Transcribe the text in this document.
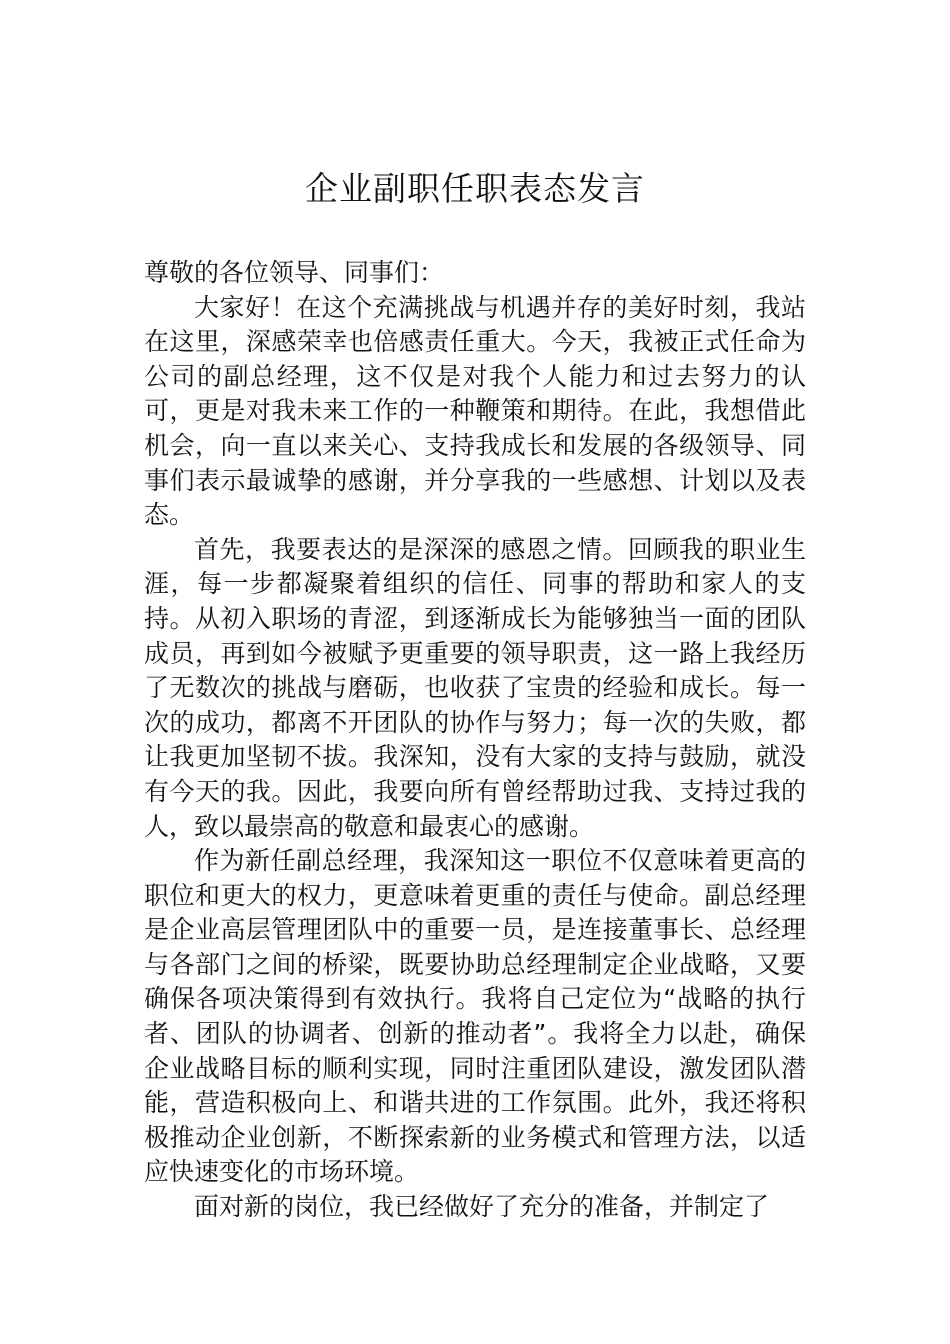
企业副职任职表态发言

尊敬的各位领导、同事们：

大家好！在这个充满挑战与机遇并存的美好时刻，我站在这里，深感荣幸也倍感责任重大。今天，我被正式任命为公司的副总经理，这不仅是对我个人能力和过去努力的认可，更是对我未来工作的一种鞭策和期待。在此，我想借此机会，向一直以来关心、支持我成长和发展的各级领导、同事们表示最诚挚的感谢，并分享我的一些感想、计划以及表态。

首先，我要表达的是深深的感恩之情。回顾我的职业生涯，每一步都凝聚着组织的信任、同事的帮助和家人的支持。从初入职场的青涩，到逐渐成长为能够独当一面的团队成员，再到如今被赋予更重要的领导职责，这一路上我经历了无数次的挑战与磨砺，也收获了宝贵的经验和成长。每一次的成功，都离不开团队的协作与努力；每一次的失败，都让我更加坚韧不拔。我深知，没有大家的支持与鼓励，就没有今天的我。因此，我要向所有曾经帮助过我、支持过我的人，致以最崇高的敬意和最衷心的感谢。

作为新任副总经理，我深知这一职位不仅意味着更高的职位和更大的权力，更意味着更重的责任与使命。副总经理是企业高层管理团队中的重要一员，是连接董事长、总经理与各部门之间的桥梁，既要协助总经理制定企业战略，又要确保各项决策得到有效执行。我将自己定位为“战略的执行者、团队的协调者、创新的推动者”。我将全力以赴，确保企业战略目标的顺利实现，同时注重团队建设，激发团队潜能，营造积极向上、和谐共进的工作氛围。此外，我还将积极推动企业创新，不断探索新的业务模式和管理方法，以适应快速变化的市场环境。

面对新的岗位，我已经做好了充分的准备，并制定了
